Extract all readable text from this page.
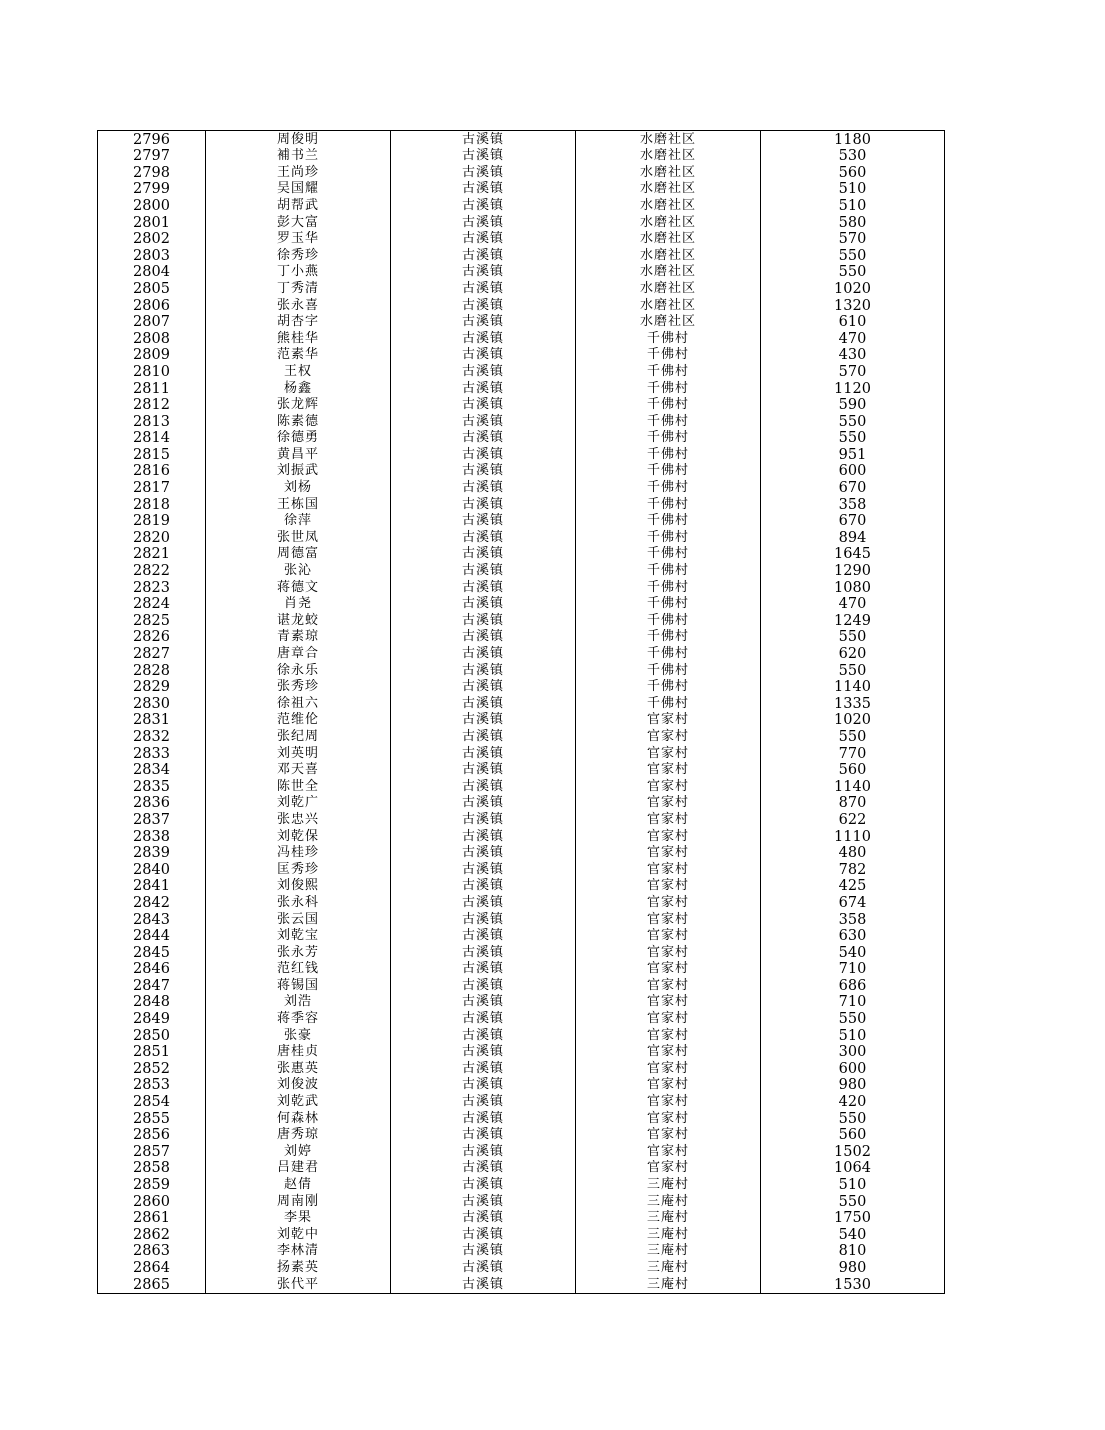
2796	周俊明	古溪镇	水磨社区	1180
2797	補书兰	古溪镇	水磨社区	530
2798	王尚珍	古溪镇	水磨社区	560
2799	吴国耀	古溪镇	水磨社区	510
2800	胡帮武	古溪镇	水磨社区	510
2801	彭大富	古溪镇	水磨社区	580
2802	罗玉华	古溪镇	水磨社区	570
2803	徐秀珍	古溪镇	水磨社区	550
2804	丁小燕	古溪镇	水磨社区	550
2805	丁秀清	古溪镇	水磨社区	1020
2806	张永喜	古溪镇	水磨社区	1320
2807	胡杏字	古溪镇	水磨社区	610
2808	熊桂华	古溪镇	千佛村	470
2809	范素华	古溪镇	千佛村	430
2810	王权	古溪镇	千佛村	570
2811	杨鑫	古溪镇	千佛村	1120
2812	张龙辉	古溪镇	千佛村	590
2813	陈素德	古溪镇	千佛村	550
2814	徐德勇	古溪镇	千佛村	550
2815	黄昌平	古溪镇	千佛村	951
2816	刘振武	古溪镇	千佛村	600
2817	刘杨	古溪镇	千佛村	670
2818	王栋国	古溪镇	千佛村	358
2819	徐萍	古溪镇	千佛村	670
2820	张世凤	古溪镇	千佛村	894
2821	周德富	古溪镇	千佛村	1645
2822	张沁	古溪镇	千佛村	1290
2823	蒋德文	古溪镇	千佛村	1080
2824	肖尧	古溪镇	千佛村	470
2825	谌龙蛟	古溪镇	千佛村	1249
2826	青素琼	古溪镇	千佛村	550
2827	唐章合	古溪镇	千佛村	620
2828	徐永乐	古溪镇	千佛村	550
2829	张秀珍	古溪镇	千佛村	1140
2830	徐祖六	古溪镇	千佛村	1335
2831	范维伦	古溪镇	官家村	1020
2832	张纪周	古溪镇	官家村	550
2833	刘英明	古溪镇	官家村	770
2834	邓天喜	古溪镇	官家村	560
2835	陈世全	古溪镇	官家村	1140
2836	刘乾广	古溪镇	官家村	870
2837	张忠兴	古溪镇	官家村	622
2838	刘乾保	古溪镇	官家村	1110
2839	冯桂珍	古溪镇	官家村	480
2840	匡秀珍	古溪镇	官家村	782
2841	刘俊熙	古溪镇	官家村	425
2842	张永科	古溪镇	官家村	674
2843	张云国	古溪镇	官家村	358
2844	刘乾宝	古溪镇	官家村	630
2845	张永芳	古溪镇	官家村	540
2846	范红钱	古溪镇	官家村	710
2847	蒋锡国	古溪镇	官家村	686
2848	刘浩	古溪镇	官家村	710
2849	蒋季容	古溪镇	官家村	550
2850	张豪	古溪镇	官家村	510
2851	唐桂贞	古溪镇	官家村	300
2852	张惠英	古溪镇	官家村	600
2853	刘俊波	古溪镇	官家村	980
2854	刘乾武	古溪镇	官家村	420
2855	何森林	古溪镇	官家村	550
2856	唐秀琼	古溪镇	官家村	560
2857	刘婷	古溪镇	官家村	1502
2858	吕建君	古溪镇	官家村	1064
2859	赵倩	古溪镇	三庵村	510
2860	周南刚	古溪镇	三庵村	550
2861	李果	古溪镇	三庵村	1750
2862	刘乾中	古溪镇	三庵村	540
2863	李林清	古溪镇	三庵村	810
2864	扬素英	古溪镇	三庵村	980
2865	张代平	古溪镇	三庵村	1530
